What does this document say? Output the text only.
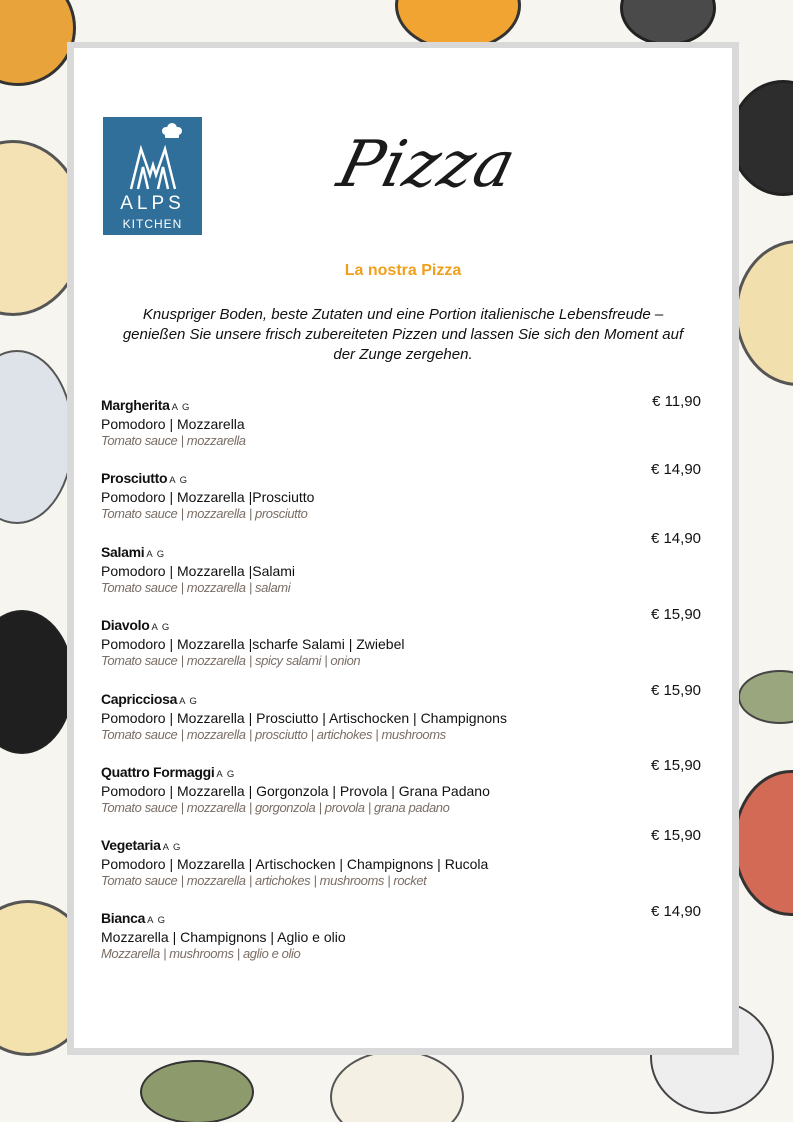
ALPS
KITCHEN
Pizza
La nostra Pizza
Knuspriger Boden, beste Zutaten und eine Portion italienische Lebensfreude – genießen Sie unsere frisch zubereiteten Pizzen und lassen Sie sich den Moment auf der Zunge zergehen.
Margherita A G
Pomodoro | Mozzarella
Tomato sauce | mozzarella
€ 11,90
Prosciutto A G
Pomodoro | Mozzarella |Prosciutto
Tomato sauce | mozzarella | prosciutto
€ 14,90
Salami A G
Pomodoro | Mozzarella |Salami
Tomato sauce | mozzarella | salami
€ 14,90
Diavolo A G
Pomodoro | Mozzarella |scharfe Salami | Zwiebel
Tomato sauce | mozzarella | spicy salami | onion
€ 15,90
Capricciosa A G
Pomodoro | Mozzarella | Prosciutto | Artischocken | Champignons
Tomato sauce | mozzarella | prosciutto | artichokes | mushrooms
€ 15,90
Quattro Formaggi A G
Pomodoro | Mozzarella | Gorgonzola | Provola | Grana Padano
Tomato sauce | mozzarella | gorgonzola | provola | grana padano
€ 15,90
Vegetaria A G
Pomodoro | Mozzarella | Artischocken | Champignons | Rucola
Tomato sauce | mozzarella | artichokes | mushrooms | rocket
€ 15,90
Bianca A G
Mozzarella | Champignons | Aglio e olio
Mozzarella | mushrooms | aglio e olio
€ 14,90
